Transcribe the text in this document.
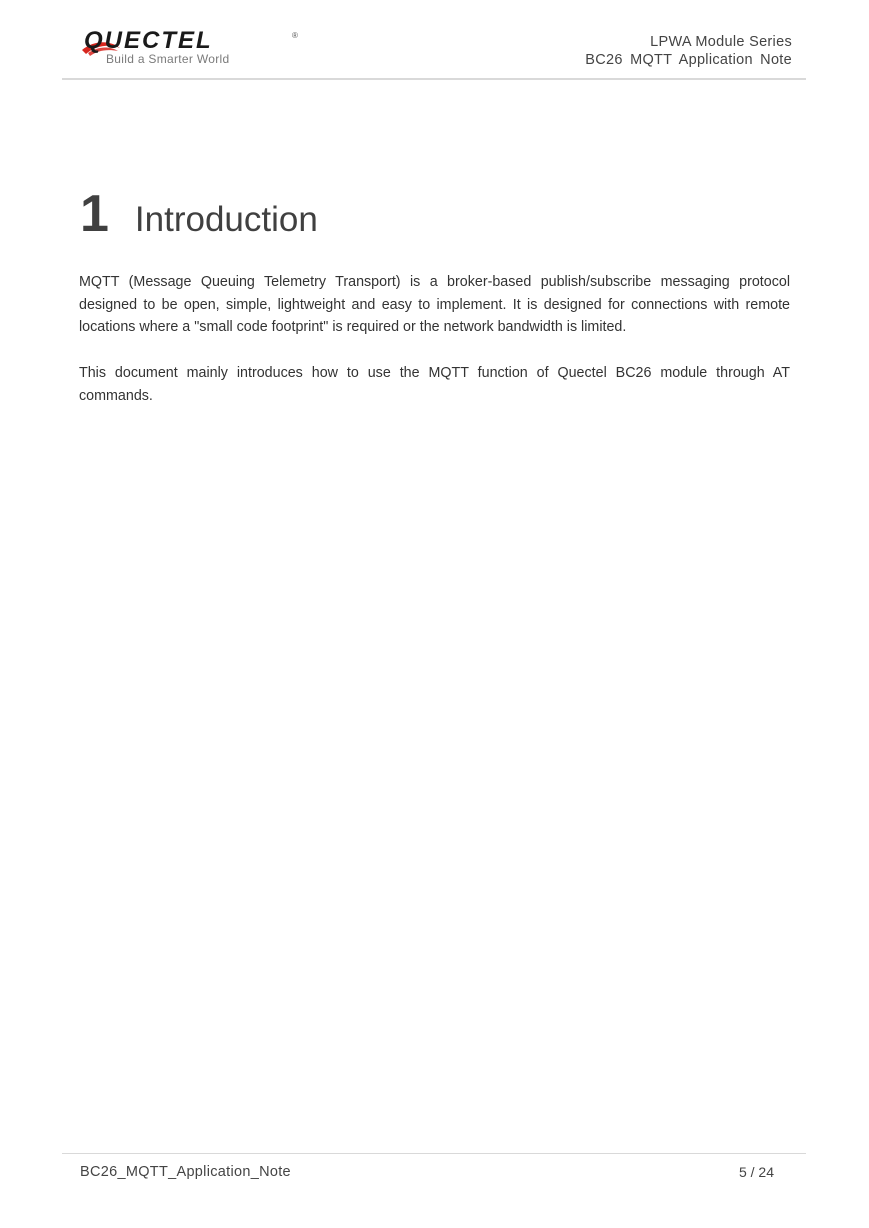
QUECTEL	®
Build a Smarter World
LPWA Module Series
BC26 MQTT Application Note
1 Introduction

MQTT (Message Queuing Telemetry Transport) is a broker-based publish/subscribe messaging protocol designed to be open, simple, lightweight and easy to implement. It is designed for connections with remote locations where a "small code footprint" is required or the network bandwidth is limited.

This document mainly introduces how to use the MQTT function of Quectel BC26 module through AT commands.

BC26_MQTT_Application_Note	5 / 24
